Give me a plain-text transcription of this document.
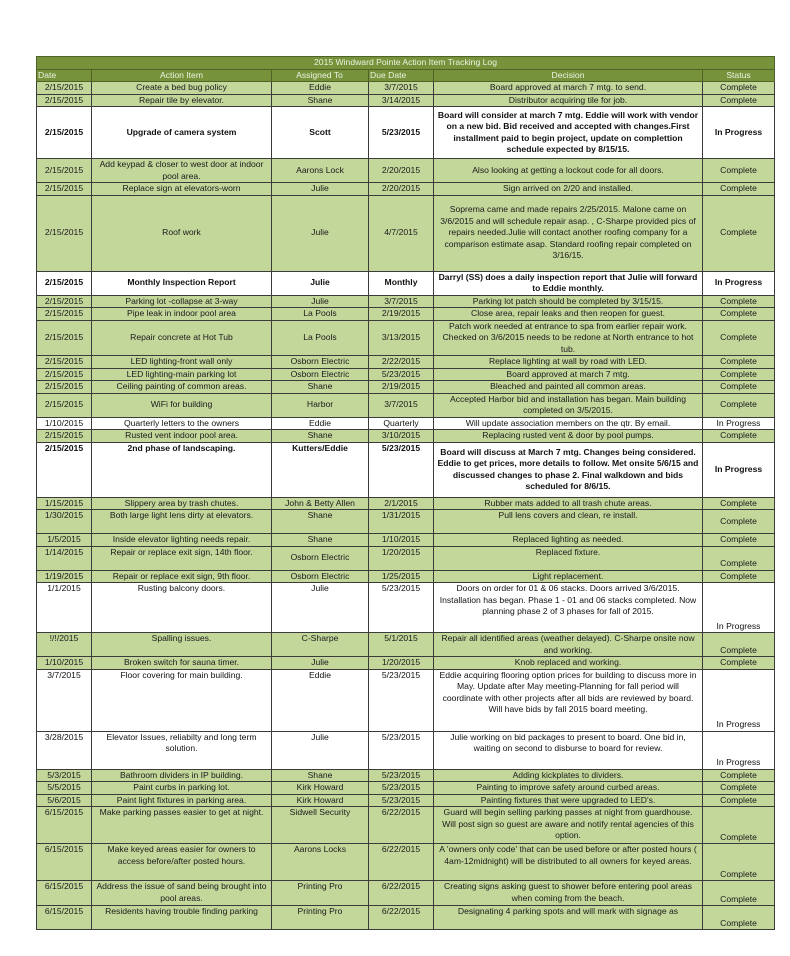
2015 Windward Pointe Action Item Tracking Log					
Date	Action Item	Assigned To	Due Date	Decision	Status
2/15/2015	Create a bed bug policy	Eddie	3/7/2015	Board approved at march 7 mtg. to send.	Complete
2/15/2015	Repair tile by elevator.	Shane	3/14/2015	Distributor acquiring tile for job.	Complete
2/15/2015	Upgrade of camera system	Scott	5/23/2015	Board will consider at march 7 mtg. Eddie will work with vendor on a new bid. Bid received and accepted with changes.First installment paid to begin project, update on complettion schedule expected by 8/15/15.	In Progress
2/15/2015	Add keypad & closer to west door at indoor pool area.	Aarons Lock	2/20/2015	Also looking at getting a lockout code for all doors.	Complete
2/15/2015	Replace sign at elevators-worn	Julie	2/20/2015	Sign arrived on 2/20 and installed.	Complete
2/15/2015	Roof work	Julie	4/7/2015	Soprema came and made repairs 2/25/2015. Malone came on 3/6/2015 and will schedule repair asap. , C-Sharpe provided pics of repairs needed.Julie will contact another roofing company for a comparison estimate asap. Standard roofing repair completed on 3/16/15.	Complete
2/15/2015	Monthly Inspection Report	Julie	Monthly	Darryl (SS) does a daily inspection report that Julie will forward to Eddie monthly.	In Progress
2/15/2015	Parking lot -collapse at 3-way	Julie	3/7/2015	Parking lot patch should be completed by 3/15/15.	Complete
2/15/2015	Pipe leak in indoor pool area	La Pools	2/19/2015	Close area, repair leaks and then reopen for guest.	Complete
2/15/2015	Repair concrete at Hot Tub	La Pools	3/13/2015	Patch work needed at entrance to spa from earlier repair work. Checked on 3/6/2015 needs to be redone at North entrance to hot tub.	Complete
2/15/2015	LED lighting-front wall only	Osborn Electric	2/22/2015	Replace lighting at wall by road with LED.	Complete
2/15/2015	LED lighting-main parking lot	Osborn Electric	5/23/2015	Board approved at march 7 mtg.	Complete
2/15/2015	Ceiling painting of common areas.	Shane	2/19/2015	Bleached and painted all common areas.	Complete
2/15/2015	WiFi for building	Harbor	3/7/2015	Accepted Harbor bid and installation has began. Main building completed on 3/5/2015.	Complete
1/10/2015	Quarterly letters to the owners	Eddie	Quarterly	Will update association members on the qtr. By email.	In Progress
2/15/2015	Rusted vent indoor pool area.	Shane	3/10/2015	Replacing rusted vent & door by pool pumps.	Complete
2/15/2015	2nd phase of landscaping.	Kutters/Eddie	5/23/2015	Board will discuss at March 7 mtg. Changes being considered. Eddie to get prices, more details to follow. Met onsite 5/6/15 and discussed changes to phase 2. Final walkdown and bids scheduled for 8/6/15.	In Progress
1/15/2015	Slippery area by trash chutes.	John & Betty Allen	2/1/2015	Rubber mats added to all trash chute areas.	Complete
1/30/2015	Both large light lens dirty at elevators.	Shane	1/31/2015	Pull lens covers and clean, re install.	Complete
1/5/2015	Inside elevator lighting needs repair.	Shane	1/10/2015	Replaced lighting as needed.	Complete
1/14/2015	Repair or replace exit sign, 14th floor.	Osborn Electric	1/20/2015	Replaced fixture.	Complete
1/19/2015	Repair or replace exit sign, 9th floor.	Osborn Electric	1/25/2015	Light replacement.	Complete
1/1/2015	Rusting balcony doors.	Julie	5/23/2015	Doors on order for 01 & 06 stacks. Doors arrived 3/6/2015. Installation has began. Phase 1 - 01 and 06 stacks completed. Now planning phase 2 of 3 phases for fall of 2015.	In Progress
!/!/2015	Spalling issues.	C-Sharpe	5/1/2015	Repair all identified areas (weather delayed). C-Sharpe onsite now and working.	Complete
1/10/2015	Broken switch for sauna timer.	Julie	1/20/2015	Knob replaced and working.	Complete
3/7/2015	Floor covering for main building.	Eddie	5/23/2015	Eddie acquiring flooring option prices for building to discuss more in May. Update after May meeting-Planning for fall period will coordinate with other projects after all bids are reviewed by board. Will have bids by fall 2015 board meeting.	In Progress
3/28/2015	Elevator Issues, reliabilty and long term solution.	Julie	5/23/2015	Julie working on bid packages to present to board. One bid in, waiting on second to disburse to board for review.	In Progress
5/3/2015	Bathroom dividers in IP building.	Shane	5/23/2015	Adding kickplates to dividers.	Complete
5/5/2015	Paint curbs in parking lot.	Kirk Howard	5/23/2015	Painting to improve safety around curbed areas.	Complete
5/6/2015	Paint light fixtures in parking area.	Kirk Howard	5/23/2015	Painting fixtures that were upgraded to LED's.	Complete
6/15/2015	Make parking passes easier to get at night.	Sidwell Security	6/22/2015	Guard will begin selling parking passes at night from guardhouse. Will post sign so guest are aware and notify rental agencies of this option.	Complete
6/15/2015	Make keyed areas easier for owners to access before/after posted hours.	Aarons Locks	6/22/2015	A 'owners only code' that can be used before or after posted hours ( 4am-12midnight) will be distributed to all owners for keyed areas.	Complete
6/15/2015	Address the issue of sand being brought into pool areas.	Printing Pro	6/22/2015	Creating signs asking guest to shower before entering pool areas when coming from the beach.	Complete
6/15/2015	Residents having trouble finding parking	Printing Pro	6/22/2015	Designating 4 parking spots and will mark with signage as	Complete
